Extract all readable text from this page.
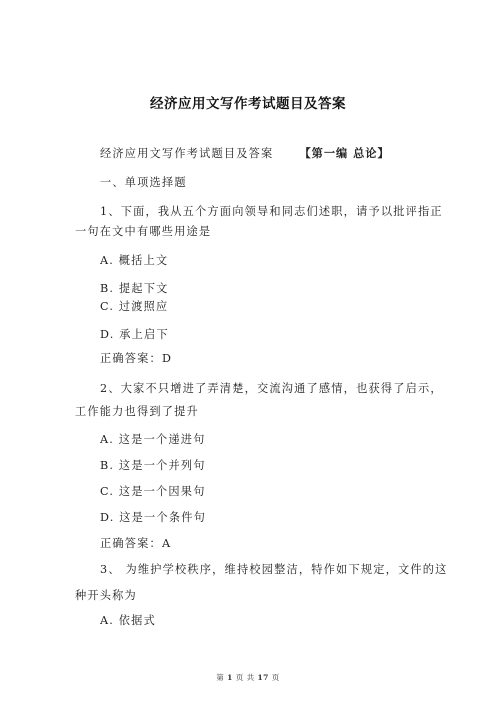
经济应用文写作考试题目及答案
经济应用文写作考试题目及答案 【第一编 总论】
一、单项选择题
1、下面，我从五个方面向领导和同志们述职，请予以批评指正
一句在文中有哪些用途是
A. 概括上文
B. 提起下文
C. 过渡照应
D. 承上启下
正确答案：D
2、大家不只增进了弄清楚，交流沟通了感情，也获得了启示，
工作能力也得到了提升
A. 这是一个递进句
B. 这是一个并列句
C. 这是一个因果句
D. 这是一个条件句
正确答案：A
3、 为维护学校秩序，维持校园整洁，特作如下规定，文件的这
种开头称为
A. 依据式
第 1 页 共 17 页
